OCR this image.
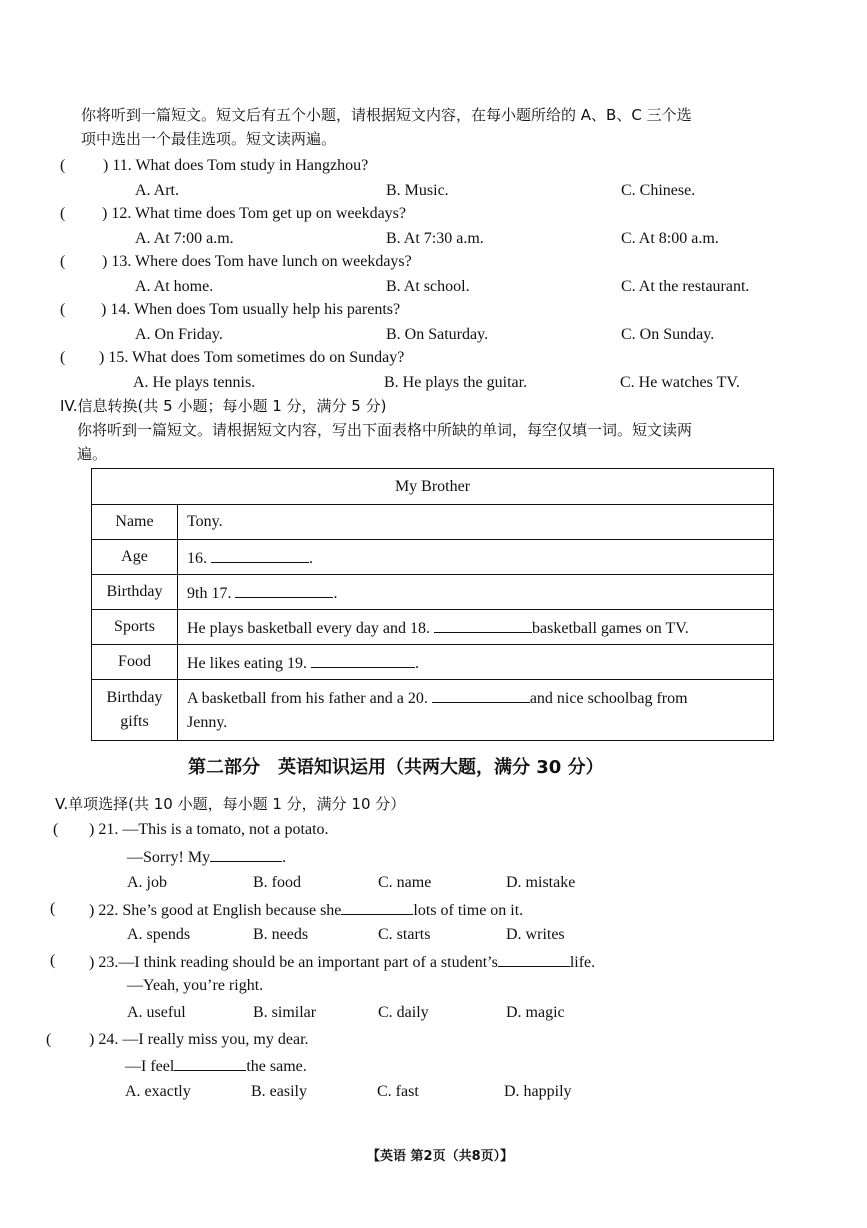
你将听到一篇短文。短文后有五个小题，请根据短文内容，在每小题所给的 A、B、C 三个选
项中选出一个最佳选项。短文读两遍。
( ) 11. What does Tom study in Hangzhou?
A. Art.	B. Music.	C. Chinese.
( ) 12. What time does Tom get up on weekdays?
A. At 7:00 a.m.	B. At 7:30 a.m.	C. At 8:00 a.m.
( ) 13. Where does Tom have lunch on weekdays?
A. At home.	B. At school.	C. At the restaurant.
( ) 14. When does Tom usually help his parents?
A. On Friday.	B. On Saturday.	C. On Sunday.
( ) 15. What does Tom sometimes do on Sunday?
A. He plays tennis.	B. He plays the guitar.	C. He watches TV.
IV.信息转换(共 5 小题；每小题 1 分，满分 5 分)
你将听到一篇短文。请根据短文内容，写出下面表格中所缺的单词，每空仅填一词。短文读两
遍。
My Brother	
Name	Tony.
Age	16. .
Birthday	9th 17. .
Sports	He plays basketball every day and 18. basketball games on TV.
Food	He likes eating 19. .
Birthday
gifts	A basketball from his father and a 20. and nice schoolbag from
Jenny.
第二部分　英语知识运用（共两大题，满分 30 分）
V.单项选择(共 10 小题，每小题 1 分，满分 10 分）
( ) 21. —This is a tomato, not a potato.
—Sorry! My	.
A. job	B. food	C. name	D. mistake
( ) 22. She’s good at English because she	lots of time on it.
A. spends	B. needs	C. starts	D. writes
( ) 23.—I think reading should be an important part of a student’s	life.
—Yeah, you’re right.
A. useful	B. similar	C. daily	D. magic
( ) 24. —I really miss you, my dear.
—I feel	the same.
A. exactly	B. easily	C. fast	D. happily
【英语 第2页（共8页）】
